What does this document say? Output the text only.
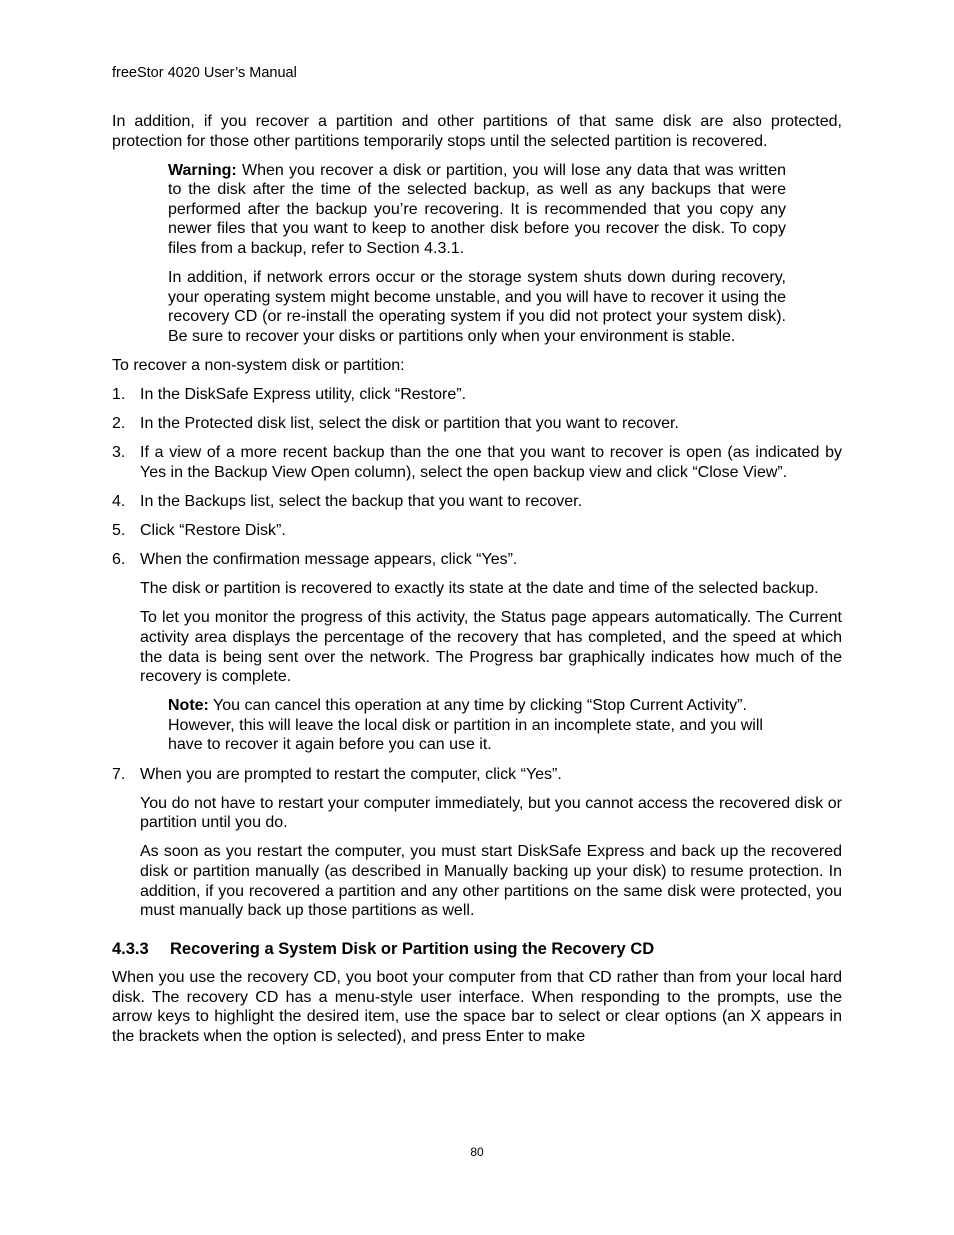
freeStor 4020 User’s Manual

In addition, if you recover a partition and other partitions of that same disk are also protected, protection for those other partitions temporarily stops until the selected partition is recovered.

Warning: When you recover a disk or partition, you will lose any data that was written to the disk after the time of the selected backup, as well as any backups that were performed after the backup you’re recovering. It is recommended that you copy any newer files that you want to keep to another disk before you recover the disk. To copy files from a backup, refer to Section 4.3.1.

In addition, if network errors occur or the storage system shuts down during recovery, your operating system might become unstable, and you will have to recover it using the recovery CD (or re-install the operating system if you did not protect your system disk). Be sure to recover your disks or partitions only when your environment is stable.

To recover a non-system disk or partition:

1. In the DiskSafe Express utility, click “Restore”.
2. In the Protected disk list, select the disk or partition that you want to recover.
3. If a view of a more recent backup than the one that you want to recover is open (as indicated by Yes in the Backup View Open column), select the open backup view and click “Close View”.
4. In the Backups list, select the backup that you want to recover.
5. Click “Restore Disk”.
6. When the confirmation message appears, click “Yes”.

The disk or partition is recovered to exactly its state at the date and time of the selected backup.

To let you monitor the progress of this activity, the Status page appears automatically. The Current activity area displays the percentage of the recovery that has completed, and the speed at which the data is being sent over the network. The Progress bar graphically indicates how much of the recovery is complete.

Note: You can cancel this operation at any time by clicking “Stop Current Activity”. However, this will leave the local disk or partition in an incomplete state, and you will have to recover it again before you can use it.

7. When you are prompted to restart the computer, click “Yes”.

You do not have to restart your computer immediately, but you cannot access the recovered disk or partition until you do.

As soon as you restart the computer, you must start DiskSafe Express and back up the recovered disk or partition manually (as described in Manually backing up your disk) to resume protection. In addition, if you recovered a partition and any other partitions on the same disk were protected, you must manually back up those partitions as well.

4.3.3	Recovering a System Disk or Partition using the Recovery CD

When you use the recovery CD, you boot your computer from that CD rather than from your local hard disk. The recovery CD has a menu-style user interface. When responding to the prompts, use the arrow keys to highlight the desired item, use the space bar to select or clear options (an X appears in the brackets when the option is selected), and press Enter to make

80
